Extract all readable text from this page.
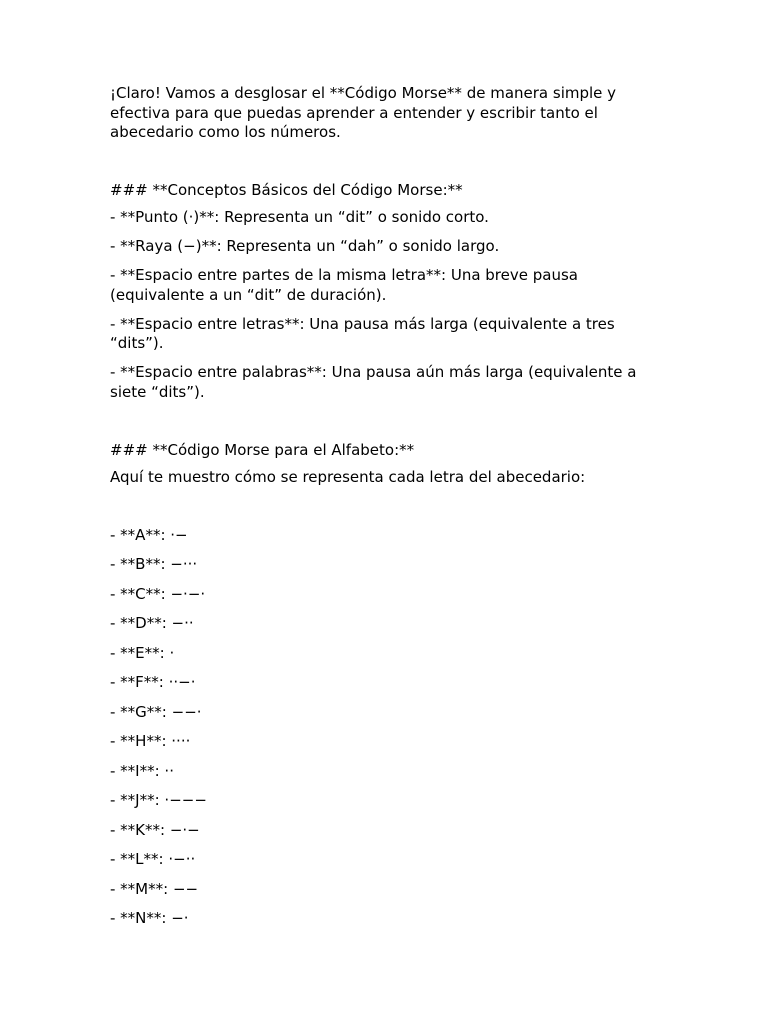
¡Claro! Vamos a desglosar el **Código Morse** de manera simple y

efectiva para que puedas aprender a entender y escribir tanto el

abecedario como los números.

### **Conceptos Básicos del Código Morse:**

- **Punto (·)**: Representa un “dit” o sonido corto.

- **Raya (−)**: Representa un “dah” o sonido largo.

- **Espacio entre partes de la misma letra**: Una breve pausa

(equivalente a un “dit” de duración).

- **Espacio entre letras**: Una pausa más larga (equivalente a tres

“dits”).

- **Espacio entre palabras**: Una pausa aún más larga (equivalente a

siete “dits”).

### **Código Morse para el Alfabeto:**

Aquí te muestro cómo se representa cada letra del abecedario:

- **A**: ·−

- **B**: −···

- **C**: −·−·

- **D**: −··

- **E**: ·

- **F**: ··−·

- **G**: −−·

- **H**: ····

- **I**: ··

- **J**: ·−−−

- **K**: −·−

- **L**: ·−··

- **M**: −−

- **N**: −·
